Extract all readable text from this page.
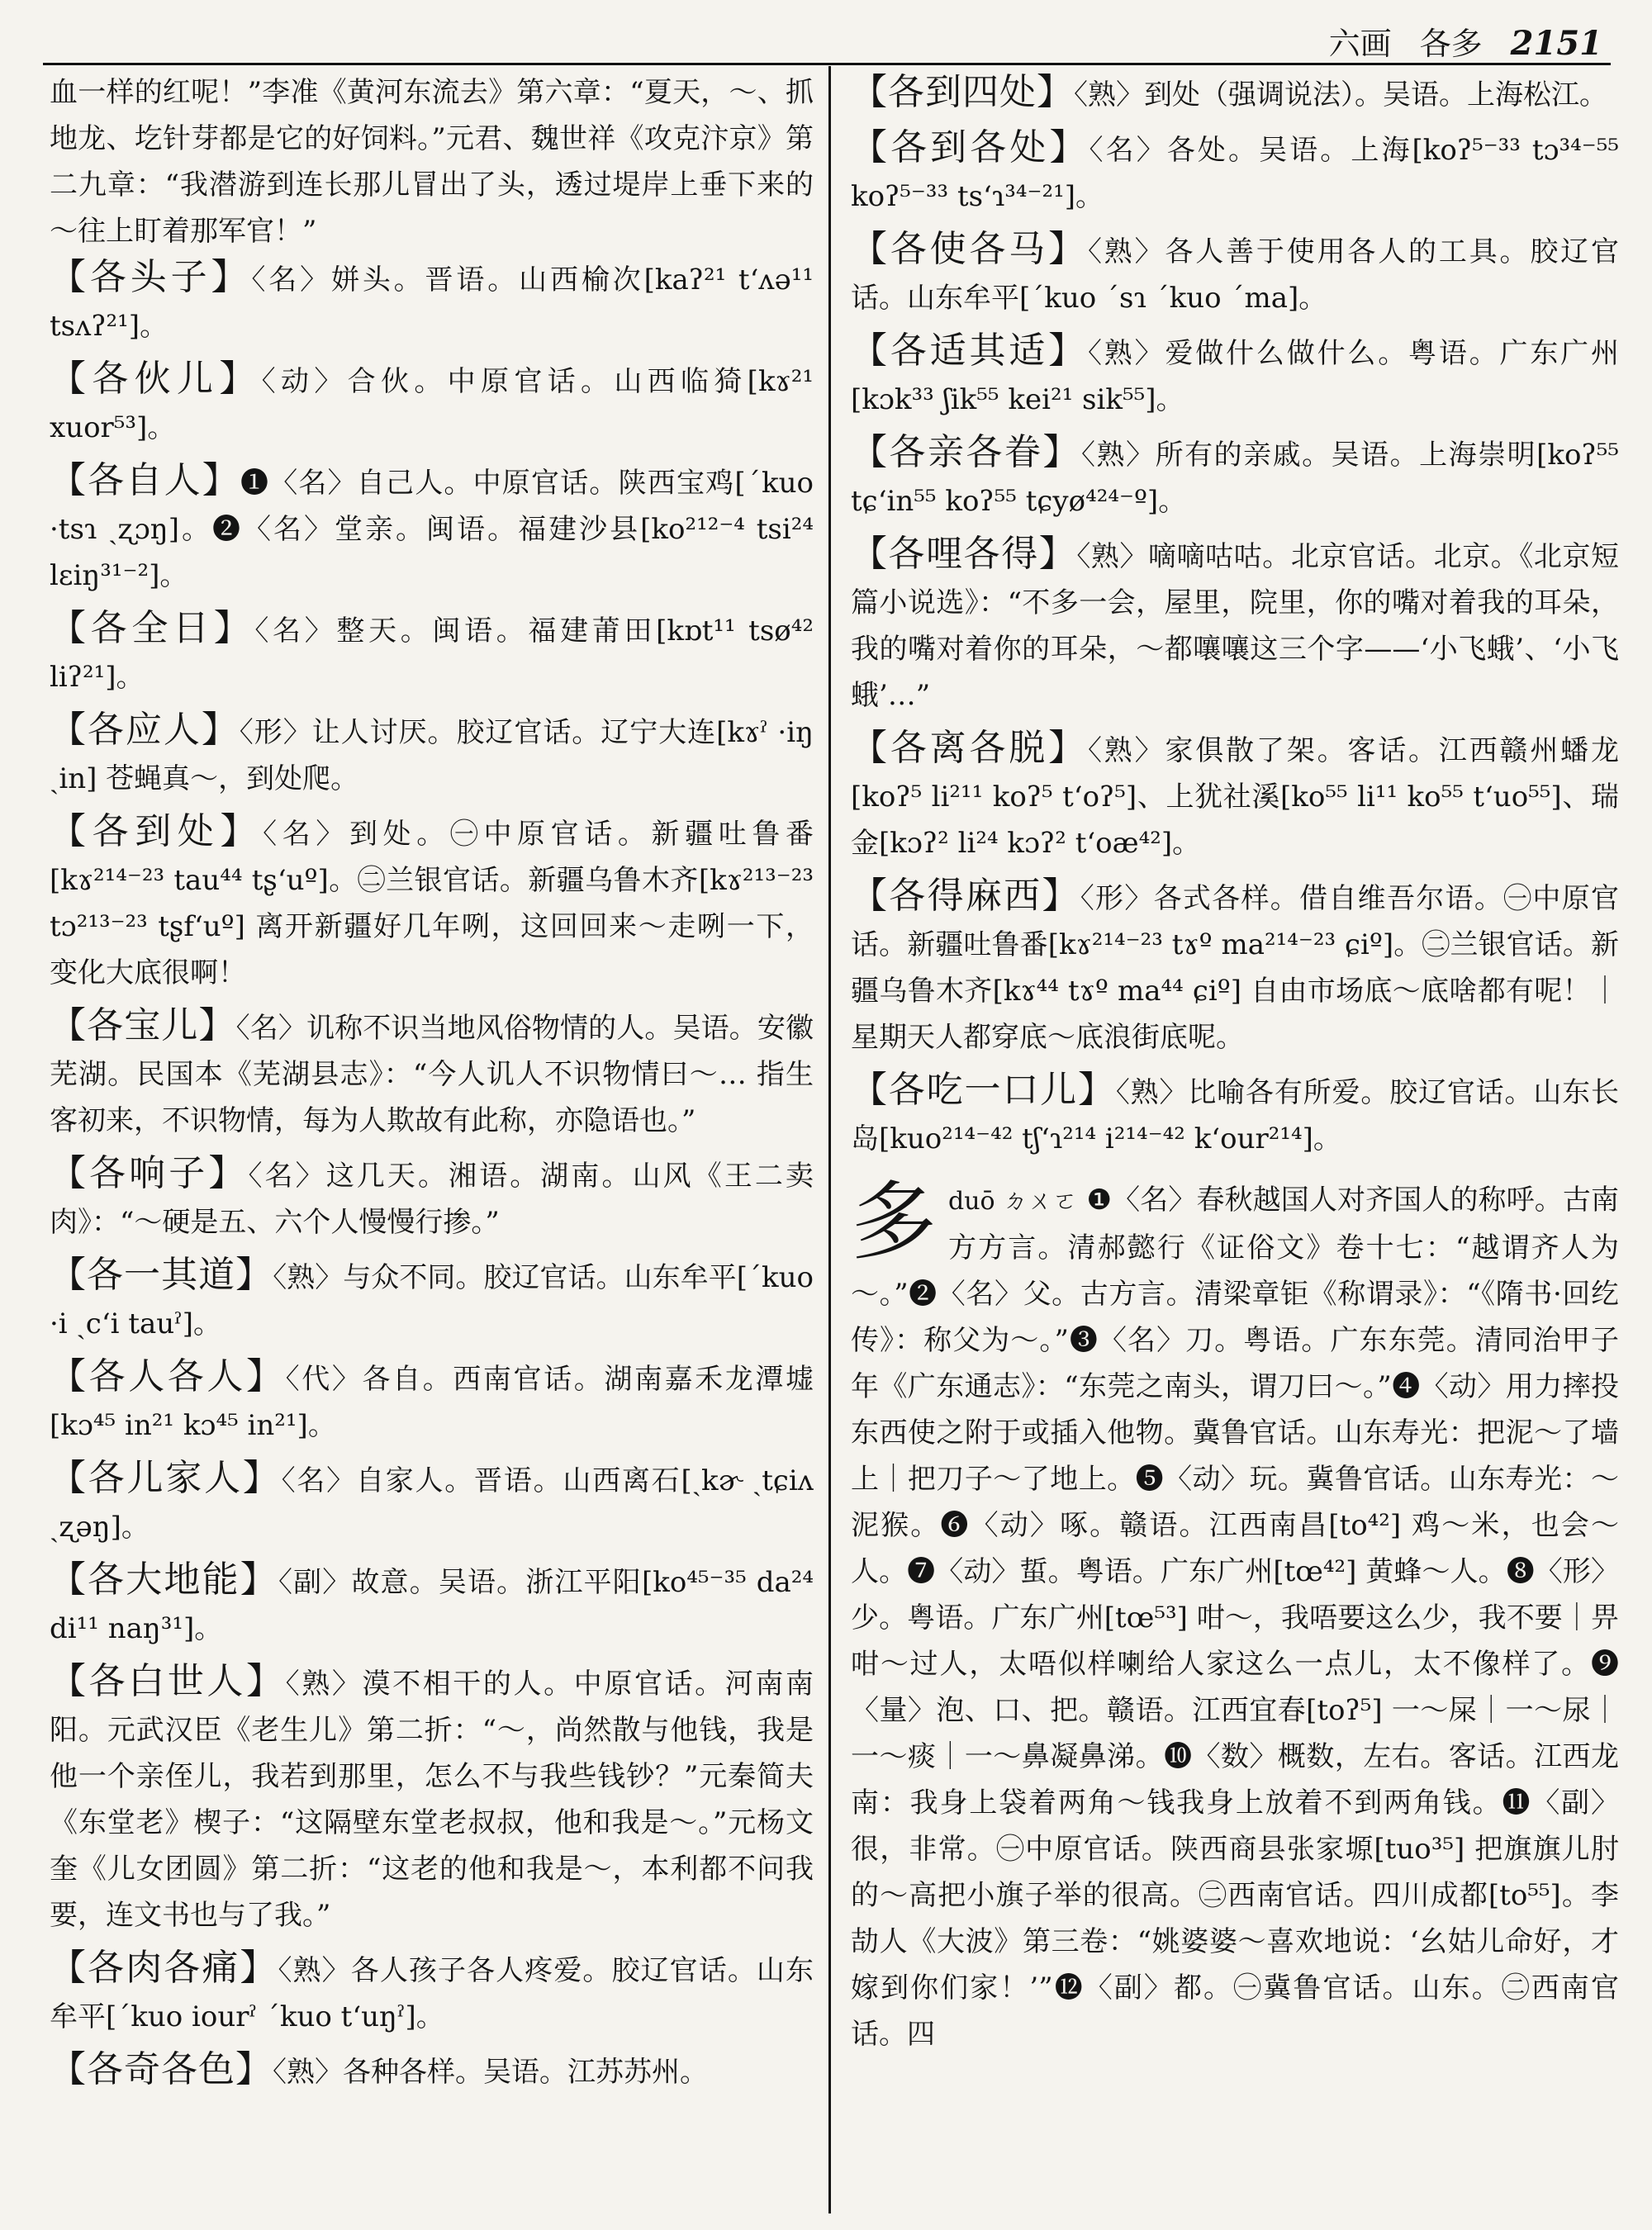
六画 各多 2151

血一样的红呢！”李准《黄河东流去》第六章：“夏天，～、抓地龙、圪针芽都是它的好饲料。”元君、魏世祥《攻克汴京》第二九章：“我潜游到连长那儿冒出了头，透过堤岸上垂下来的～往上盯着那军官！”

【各头子】〈名〉姘头。晋语。山西榆次[kaʔ²¹ tʻʌə¹¹ tsʌʔ²¹]。
【各伙儿】〈动〉合伙。中原官话。山西临猗[kɤ²¹ xuor⁵³]。
【各自人】❶〈名〉自己人。中原官话。陕西宝鸡[ˊkuo ·tsɿ ˏʐɔŋ]。❷〈名〉堂亲。闽语。福建沙县[ko²¹²⁻⁴ tsi²⁴ lɛiŋ³¹⁻²]。
【各全日】〈名〉整天。闽语。福建莆田[kɒt¹¹ tsø⁴² liʔ²¹]。
【各应人】〈形〉让人讨厌。胶辽官话。辽宁大连[kɤˀ ·iŋ ˏin] 苍蝇真～，到处爬。
【各到处】〈名〉到处。㊀中原官话。新疆吐鲁番[kɤ²¹⁴⁻²³ tau⁴⁴ tʂʻuº]。㊁兰银官话。新疆乌鲁木齐[kɤ²¹³⁻²³ tɔ²¹³⁻²³ tʂfʻuº] 离开新疆好几年咧，这回回来～走咧一下，变化大底很啊！
【各宝儿】〈名〉讥称不识当地风俗物情的人。吴语。安徽芜湖。民国本《芜湖县志》：“今人讥人不识物情曰～… 指生客初来，不识物情，每为人欺故有此称，亦隐语也。”
【各响子】〈名〉这几天。湘语。湖南。山风《王二卖肉》：“～硬是五、六个人慢慢行掺。”
【各一其道】〈熟〉与众不同。胶辽官话。山东牟平[ˊkuo ·i ˏcʻi tauˀ]。
【各人各人】〈代〉各自。西南官话。湖南嘉禾龙潭墟[kɔ⁴⁵ in²¹ kɔ⁴⁵ in²¹]。
【各儿家人】〈名〉自家人。晋语。山西离石[ˏkɚ ˏtɕiʌ ˏʐəŋ]。
【各大地能】〈副〉故意。吴语。浙江平阳[ko⁴⁵⁻³⁵ da²⁴ di¹¹ naŋ³¹]。
【各白世人】〈熟〉漠不相干的人。中原官话。河南南阳。元武汉臣《老生儿》第二折：“～，尚然散与他钱，我是他一个亲侄儿，我若到那里，怎么不与我些钱钞？”元秦简夫《东堂老》楔子：“这隔壁东堂老叔叔，他和我是～。”元杨文奎《儿女团圆》第二折：“这老的他和我是～，本利都不问我要，连文书也与了我。”
【各肉各痛】〈熟〉各人孩子各人疼爱。胶辽官话。山东牟平[ˊkuo iourˀ ˊkuo tʻuŋˀ]。
【各奇各色】〈熟〉各种各样。吴语。江苏苏州。
【各到四处】〈熟〉到处（强调说法）。吴语。上海松江。
【各到各处】〈名〉各处。吴语。上海[koʔ⁵⁻³³ tɔ³⁴⁻⁵⁵ koʔ⁵⁻³³ tsʻɿ³⁴⁻²¹]。
【各使各马】〈熟〉各人善于使用各人的工具。胶辽官话。山东牟平[ˊkuo ˊsɿ ˊkuo ˊma]。
【各适其适】〈熟〉爱做什么做什么。粤语。广东广州[kɔk³³ ʃik⁵⁵ kei²¹ sik⁵⁵]。
【各亲各眷】〈熟〉所有的亲戚。吴语。上海崇明[koʔ⁵⁵ tɕʻin⁵⁵ koʔ⁵⁵ tɕyø⁴²⁴⁻º]。
【各哩各得】〈熟〉嘀嘀咕咕。北京官话。北京。《北京短篇小说选》：“不多一会，屋里，院里，你的嘴对着我的耳朵，我的嘴对着你的耳朵，～都嚷嚷这三个字——‘小飞蛾’、‘小飞蛾’…”
【各离各脱】〈熟〉家俱散了架。客话。江西赣州蟠龙[koʔ⁵ li²¹¹ koʔ⁵ tʻoʔ⁵]、上犹社溪[ko⁵⁵ li¹¹ ko⁵⁵ tʻuo⁵⁵]、瑞金[kɔʔ² li²⁴ kɔʔ² tʻoæ⁴²]。
【各得麻西】〈形〉各式各样。借自维吾尔语。㊀中原官话。新疆吐鲁番[kɤ²¹⁴⁻²³ tɤº ma²¹⁴⁻²³ ɕiº]。㊁兰银官话。新疆乌鲁木齐[kɤ⁴⁴ tɤº ma⁴⁴ ɕiº] 自由市场底～底啥都有呢！｜星期天人都穿底～底浪街底呢。
【各吃一口儿】〈熟〉比喻各有所爱。胶辽官话。山东长岛[kuo²¹⁴⁻⁴² tʃʻɿ²¹⁴ i²¹⁴⁻⁴² kʻour²¹⁴]。
多 duō ㄉㄨㄛ ❶〈名〉春秋越国人对齐国人的称呼。古南方方言。清郝懿行《证俗文》卷十七：“越谓齐人为～。”❷〈名〉父。古方言。清梁章钜《称谓录》：“《隋书·回纥传》：称父为～。”❸〈名〉刀。粤语。广东东莞。清同治甲子年《广东通志》：“东莞之南头，谓刀曰～。”❹〈动〉用力摔投东西使之附于或插入他物。冀鲁官话。山东寿光：把泥～了墙上｜把刀子～了地上。❺〈动〉玩。冀鲁官话。山东寿光：～泥猴。❻〈动〉啄。赣语。江西南昌[to⁴²] 鸡～米，也会～人。❼〈动〉蜇。粤语。广东广州[tœ⁴²] 黄蜂～人。❽〈形〉少。粤语。广东广州[tœ⁵³] 咁～，我唔要这么少，我不要｜畀咁～过人，太唔似样喇给人家这么一点儿，太不像样了。❾〈量〉泡、口、把。赣语。江西宜春[toʔ⁵] 一～屎｜一～尿｜一～痰｜一～鼻凝鼻涕。❿〈数〉概数，左右。客话。江西龙南：我身上袋着两角～钱我身上放着不到两角钱。⓫〈副〉很，非常。㊀中原官话。陕西商县张家塬[tuo³⁵] 把旗旗儿肘的～高把小旗子举的很高。㊁西南官话。四川成都[to⁵⁵]。李劼人《大波》第三卷：“姚婆婆～喜欢地说：‘幺姑儿命好，才嫁到你们家！’”⓬〈副〉都。㊀冀鲁官话。山东。㊁西南官话。四
